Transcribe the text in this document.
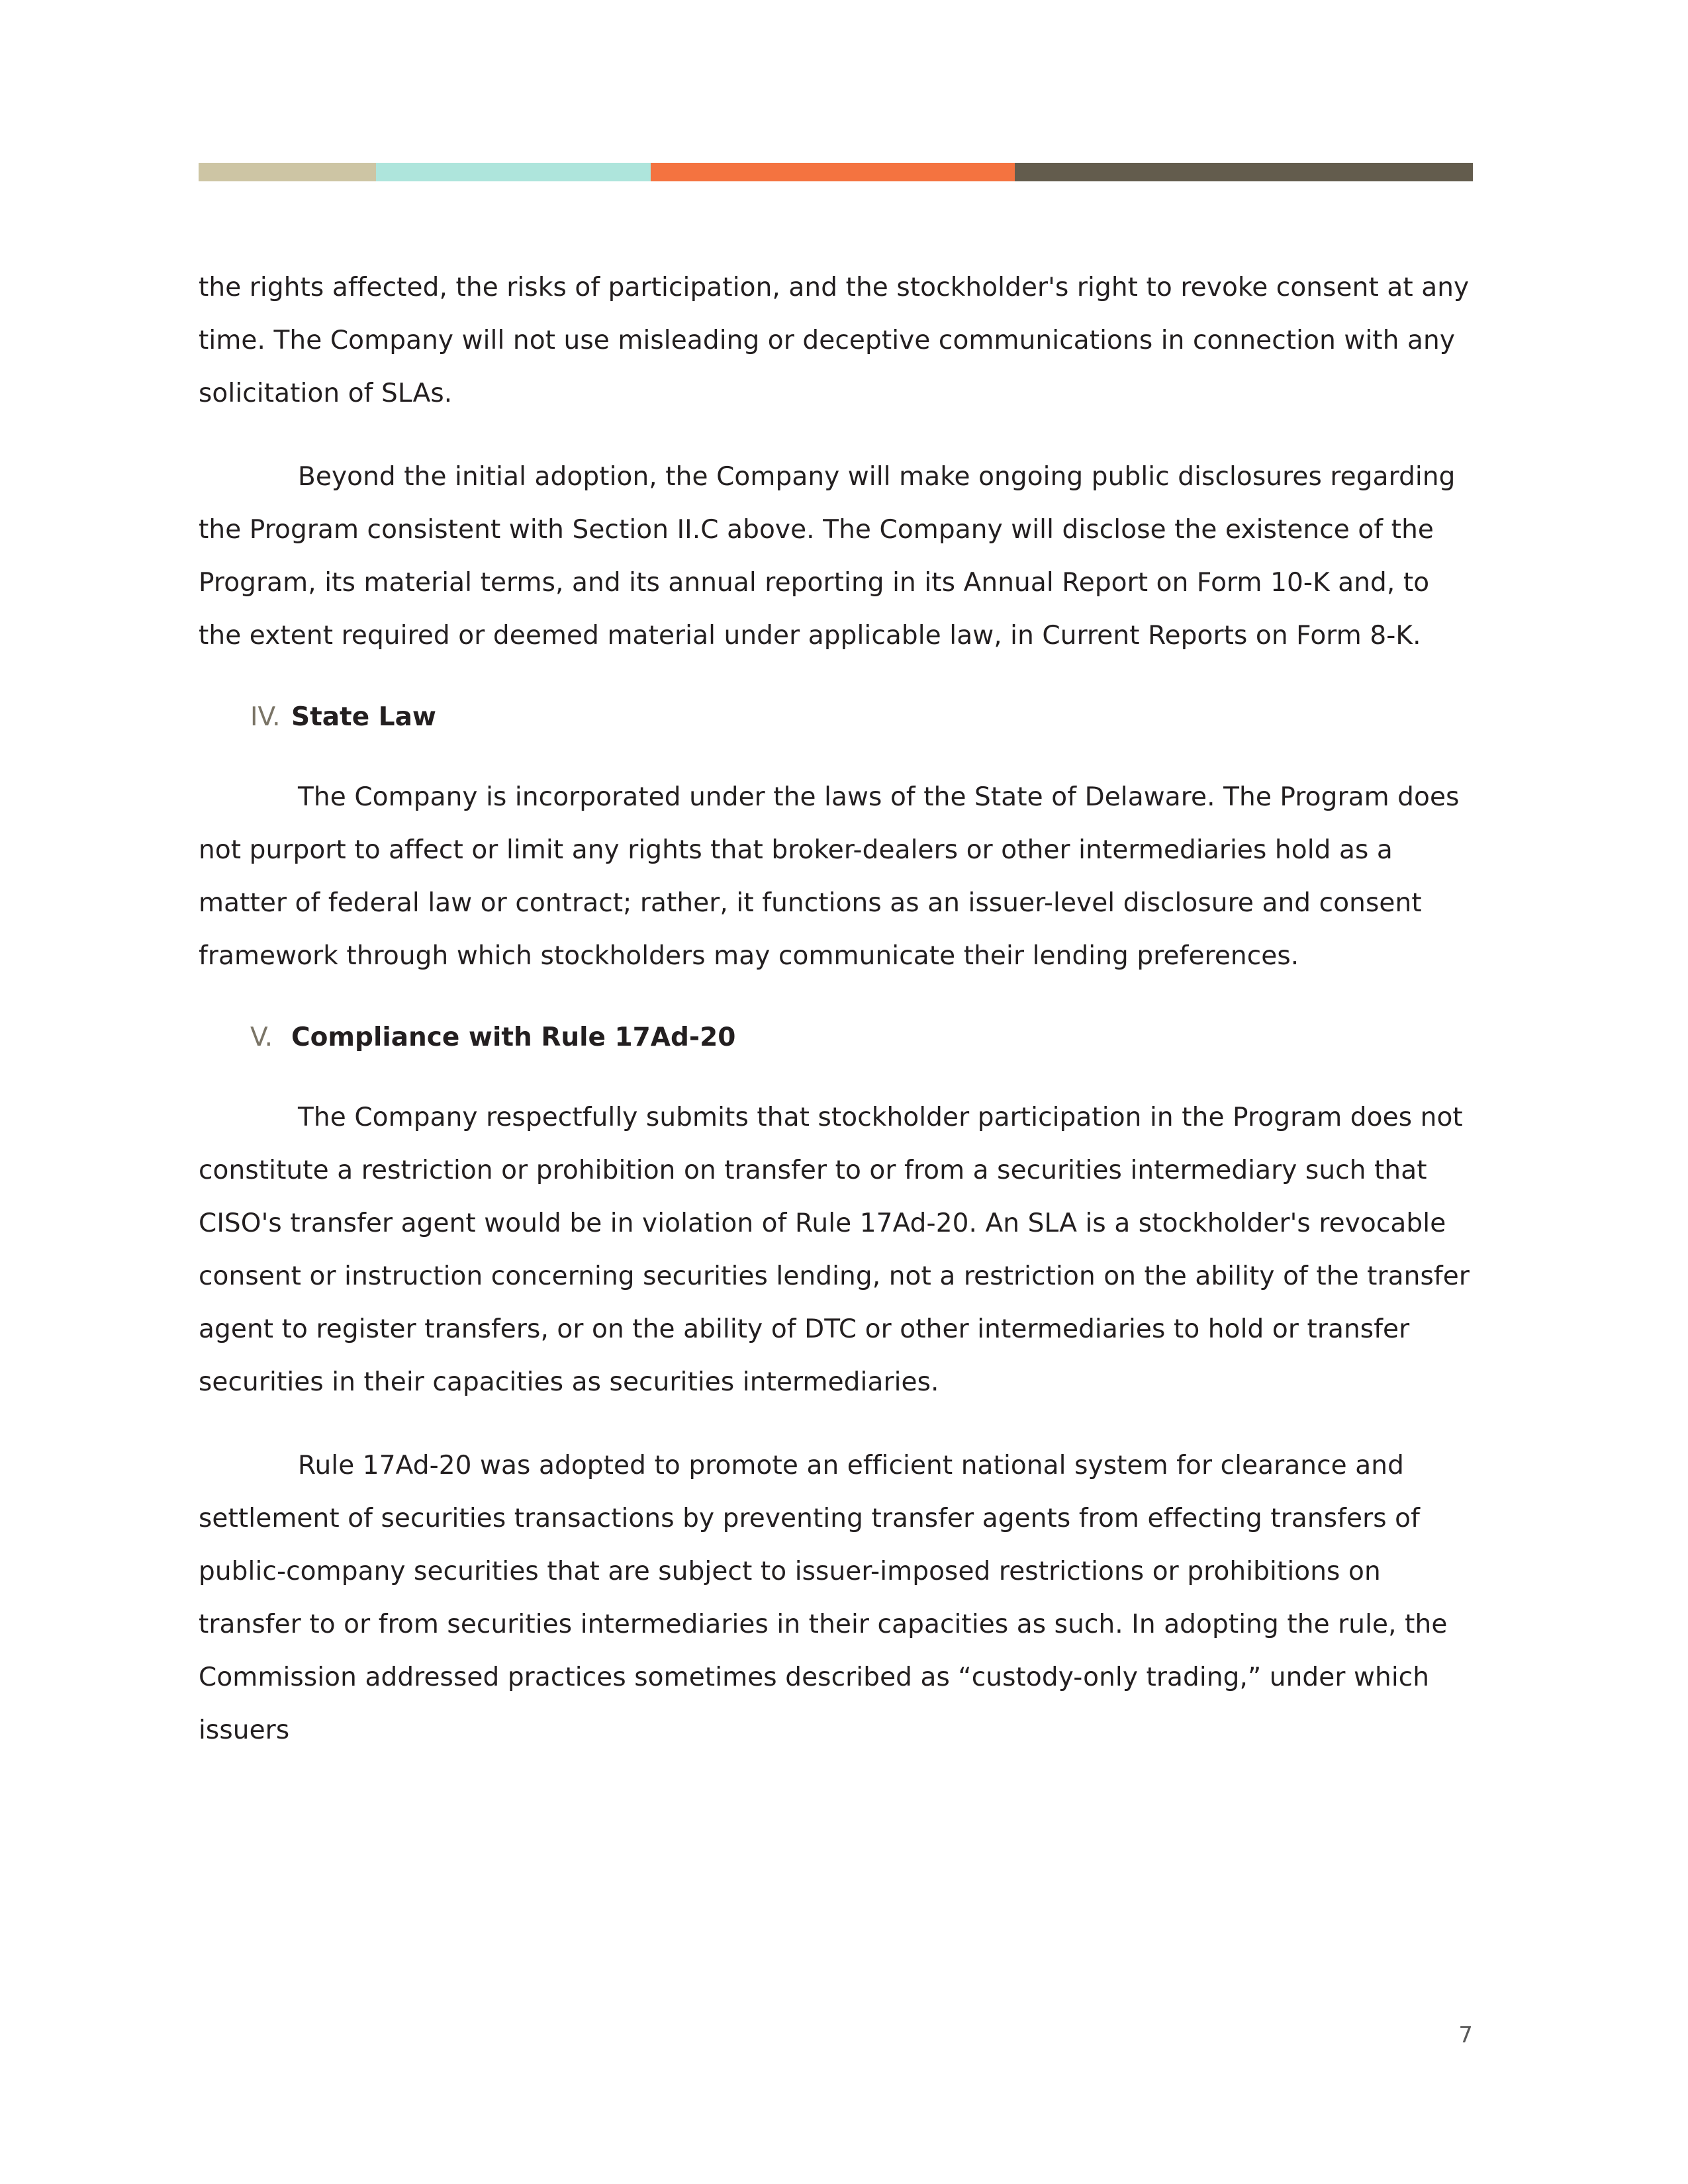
the rights affected, the risks of participation, and the stockholder's right to revoke consent at any time. The Company will not use misleading or deceptive communications in connection with any solicitation of SLAs.

Beyond the initial adoption, the Company will make ongoing public disclosures regarding the Program consistent with Section II.C above. The Company will disclose the existence of the Program, its material terms, and its annual reporting in its Annual Report on Form 10-K and, to the extent required or deemed material under applicable law, in Current Reports on Form 8-K.

IV. State Law

The Company is incorporated under the laws of the State of Delaware. The Program does not purport to affect or limit any rights that broker-dealers or other intermediaries hold as a matter of federal law or contract; rather, it functions as an issuer-level disclosure and consent framework through which stockholders may communicate their lending preferences.

V. Compliance with Rule 17Ad-20

The Company respectfully submits that stockholder participation in the Program does not constitute a restriction or prohibition on transfer to or from a securities intermediary such that CISO's transfer agent would be in violation of Rule 17Ad-20. An SLA is a stockholder's revocable consent or instruction concerning securities lending, not a restriction on the ability of the transfer agent to register transfers, or on the ability of DTC or other intermediaries to hold or transfer securities in their capacities as securities intermediaries.

Rule 17Ad-20 was adopted to promote an efficient national system for clearance and settlement of securities transactions by preventing transfer agents from effecting transfers of public-company securities that are subject to issuer-imposed restrictions or prohibitions on transfer to or from securities intermediaries in their capacities as such. In adopting the rule, the Commission addressed practices sometimes described as “custody-only trading,” under which issuers

7
